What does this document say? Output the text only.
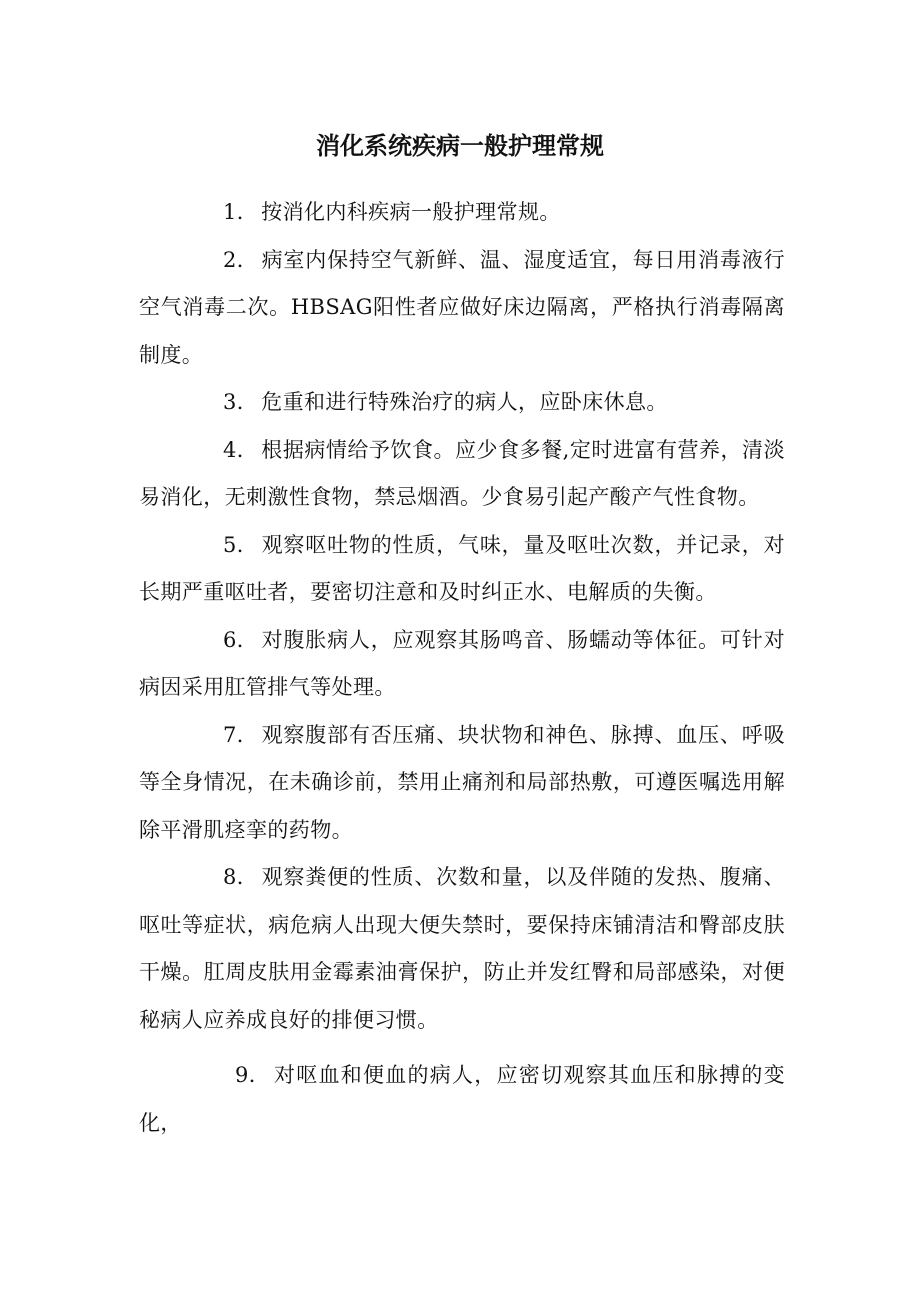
消化系统疾病一般护理常规

1． 按消化内科疾病一般护理常规。

2． 病室内保持空气新鲜、温、湿度适宜，每日用消毒液行空气消毒二次。HBSAG阳性者应做好床边隔离，严格执行消毒隔离制度。

3． 危重和进行特殊治疗的病人，应卧床休息。

4． 根据病情给予饮食。应少食多餐,定时进富有营养，清淡易消化，无刺激性食物，禁忌烟酒。少食易引起产酸产气性食物。

5． 观察呕吐物的性质，气味，量及呕吐次数，并记录，对长期严重呕吐者，要密切注意和及时纠正水、电解质的失衡。

6． 对腹胀病人，应观察其肠鸣音、肠蠕动等体征。可针对病因采用肛管排气等处理。

7． 观察腹部有否压痛、块状物和神色、脉搏、血压、呼吸等全身情况，在未确诊前，禁用止痛剂和局部热敷，可遵医嘱选用解除平滑肌痉挛的药物。

8． 观察粪便的性质、次数和量，以及伴随的发热、腹痛、呕吐等症状，病危病人出现大便失禁时，要保持床铺清洁和臀部皮肤干燥。肛周皮肤用金霉素油膏保护，防止并发红臀和局部感染，对便秘病人应养成良好的排便习惯。

9． 对呕血和便血的病人，应密切观察其血压和脉搏的变化，
